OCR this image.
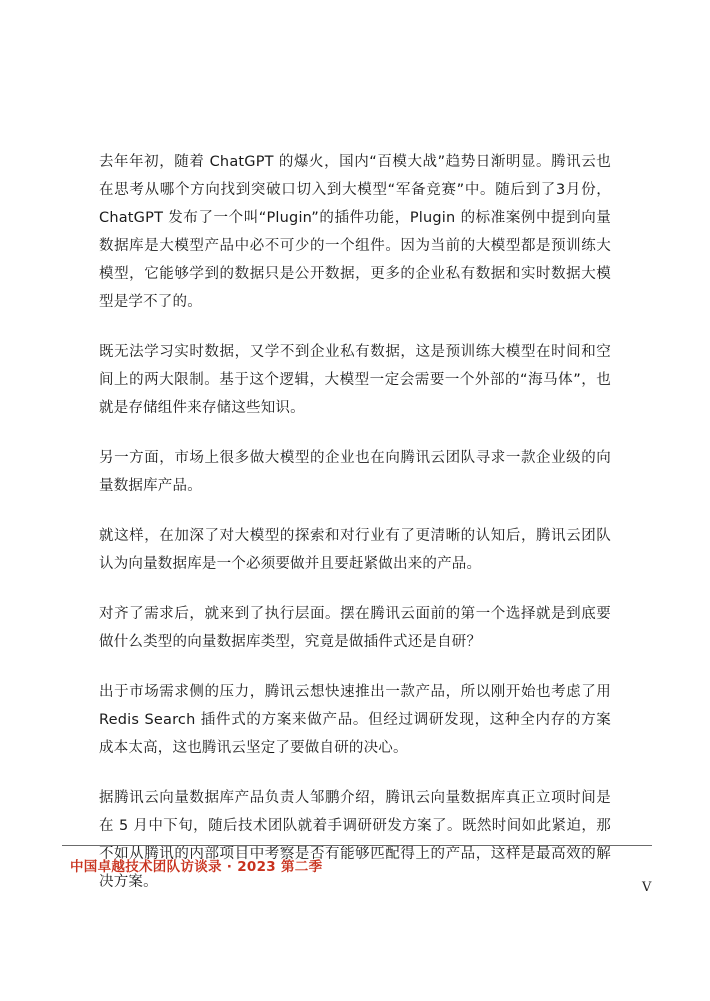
去年年初，随着 ChatGPT 的爆火，国内“百模大战”趋势日渐明显。腾讯云也在思考从哪个方向找到突破口切入到大模型“军备竞赛”中。随后到了3月份，ChatGPT 发布了一个叫“Plugin”的插件功能，Plugin 的标准案例中提到向量数据库是大模型产品中必不可少的一个组件。因为当前的大模型都是预训练大模型，它能够学到的数据只是公开数据，更多的企业私有数据和实时数据大模型是学不了的。

既无法学习实时数据，又学不到企业私有数据，这是预训练大模型在时间和空间上的两大限制。基于这个逻辑，大模型一定会需要一个外部的“海马体”，也就是存储组件来存储这些知识。

另一方面，市场上很多做大模型的企业也在向腾讯云团队寻求一款企业级的向量数据库产品。

就这样，在加深了对大模型的探索和对行业有了更清晰的认知后，腾讯云团队认为向量数据库是一个必须要做并且要赶紧做出来的产品。

对齐了需求后，就来到了执行层面。摆在腾讯云面前的第一个选择就是到底要做什么类型的向量数据库类型，究竟是做插件式还是自研？

出于市场需求侧的压力，腾讯云想快速推出一款产品，所以刚开始也考虑了用 Redis Search 插件式的方案来做产品。但经过调研发现，这种全内存的方案成本太高，这也腾讯云坚定了要做自研的决心。

据腾讯云向量数据库产品负责人邹鹏介绍，腾讯云向量数据库真正立项时间是在 5 月中下旬，随后技术团队就着手调研研发方案了。既然时间如此紧迫，那不如从腾讯的内部项目中考察是否有能够匹配得上的产品，这样是最高效的解决方案。

中国卓越技术团队访谈录 · 2023 第二季
V
